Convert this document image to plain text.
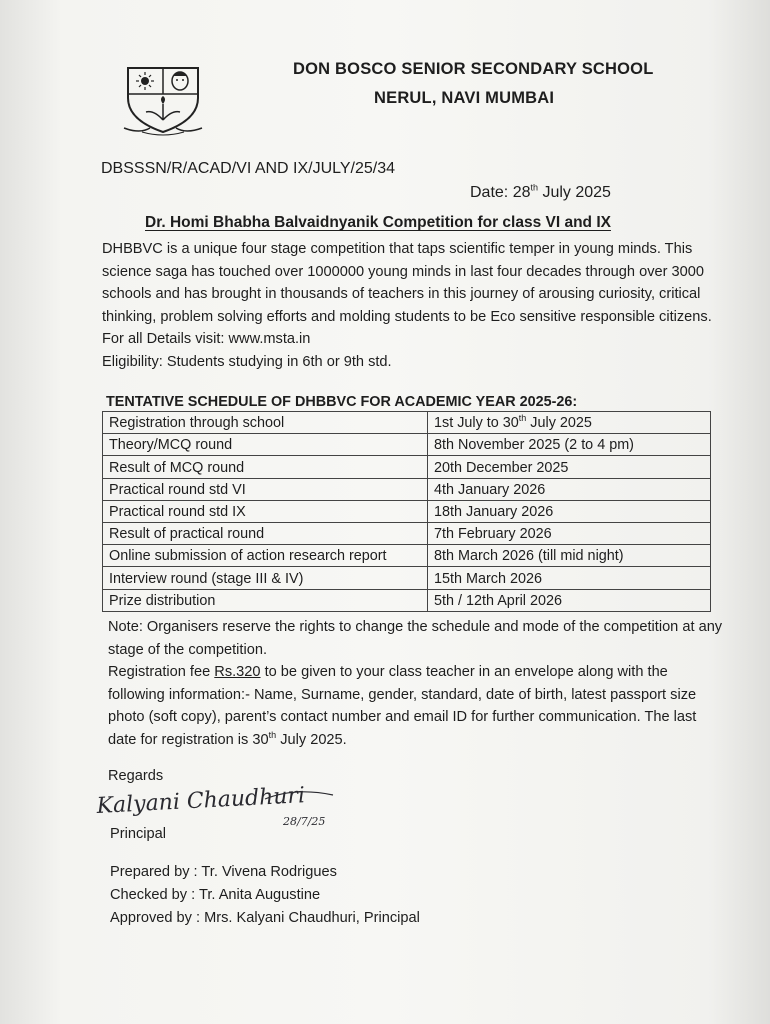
DON BOSCO SENIOR SECONDARY SCHOOL
NERUL, NAVI MUMBAI
DBSSSN/R/ACAD/VI AND IX/JULY/25/34
Date: 28th July 2025
Dr. Homi Bhabha Balvaidnyanik Competition for class VI and IX

DHBBVC is a unique four stage competition that taps scientific temper in young minds. This science saga has touched over 1000000 young minds in last four decades through over 3000 schools and has brought in thousands of teachers in this journey of arousing curiosity, critical thinking, problem solving efforts and molding students to be Eco sensitive responsible citizens.

For all Details visit: www.msta.in

Eligibility: Students studying in 6th or 9th std.

TENTATIVE SCHEDULE OF DHBBVC FOR ACADEMIC YEAR 2025-26:
Registration through school	1st July to 30th July 2025
Theory/MCQ round	8th November 2025 (2 to 4 pm)
Result of MCQ round	20th December 2025
Practical round std VI	4th January 2026
Practical round std IX	18th January 2026
Result of practical round	7th February 2026
Online submission of action research report	8th March 2026 (till mid night)
Interview round (stage III & IV)	15th March 2026
Prize distribution	5th / 12th April 2026

Note: Organisers reserve the rights to change the schedule and mode of the competition at any stage of the competition.

Registration fee Rs.320 to be given to your class teacher in an envelope along with the following information:- Name, Surname, gender, standard, date of birth, latest passport size photo (soft copy), parent’s contact number and email ID for further communication. The last date for registration is 30th July 2025.

Regards
Kalyani Chaudhuri
28/7/25
Principal
Prepared by : Tr. Vivena Rodrigues
Checked by : Tr. Anita Augustine
Approved by : Mrs. Kalyani Chaudhuri, Principal
